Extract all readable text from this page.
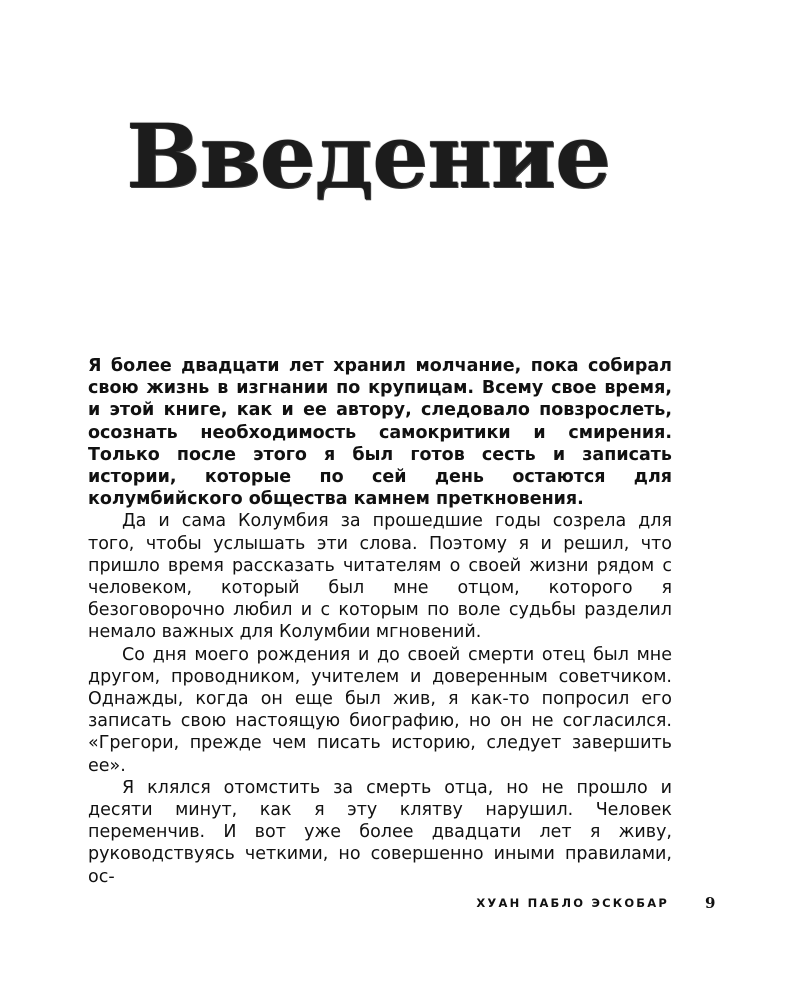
Введение

Я более двадцати лет хранил молчание, пока собирал свою жизнь в изгнании по крупицам. Всему свое время, и этой книге, как и ее автору, следовало повзрослеть, осознать необходимость самокритики и смирения. Только после этого я был готов сесть и записать истории, которые по сей день остаются для колумбийского общества камнем преткновения.

Да и сама Колумбия за прошедшие годы созрела для того, чтобы услышать эти слова. Поэтому я и решил, что пришло время рассказать читателям о своей жизни рядом с человеком, который был мне отцом, которого я безоговорочно любил и с которым по воле судьбы разделил немало важных для Колумбии мгновений.

Со дня моего рождения и до своей смерти отец был мне другом, проводником, учителем и доверенным советчиком. Однажды, когда он еще был жив, я как-то попросил его записать свою настоящую биографию, но он не согласился. «Грегори, прежде чем писать историю, следует завершить ее».

Я клялся отомстить за смерть отца, но не прошло и десяти минут, как я эту клятву нарушил. Человек переменчив. И вот уже более двадцати лет я живу, руководствуясь четкими, но совершенно иными правилами, ос-

ХУАН ПАБЛО ЭСКОБАР 9
